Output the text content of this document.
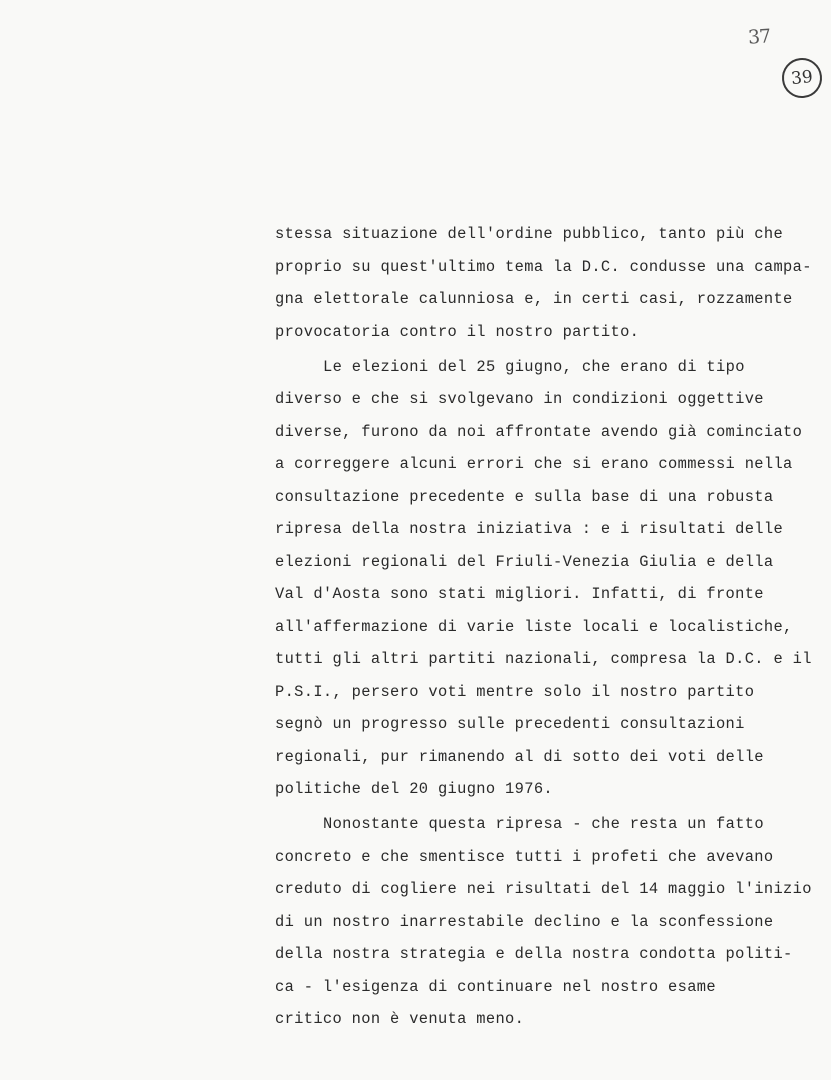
37
39
stessa situazione dell'ordine pubblico, tanto più che
proprio su quest'ultimo tema la D.C. condusse una campa-
gna elettorale calunniosa e, in certi casi, rozzamente
provocatoria contro il nostro partito.
Le elezioni del 25 giugno, che erano di tipo
diverso e che si svolgevano in condizioni oggettive
diverse, furono da noi affrontate avendo già cominciato
a correggere alcuni errori che si erano commessi nella
consultazione precedente e sulla base di una robusta
ripresa della nostra iniziativa : e i risultati delle
elezioni regionali del Friuli-Venezia Giulia e della
Val d'Aosta sono stati migliori. Infatti, di fronte
all'affermazione di varie liste locali e localistiche,
tutti gli altri partiti nazionali, compresa la D.C. e il
P.S.I., persero voti mentre solo il nostro partito
segnò un progresso sulle precedenti consultazioni
regionali, pur rimanendo al di sotto dei voti delle
politiche del 20 giugno 1976.
Nonostante questa ripresa - che resta un fatto
concreto e che smentisce tutti i profeti che avevano
creduto di cogliere nei risultati del 14 maggio l'inizio
di un nostro inarrestabile declino e la sconfessione
della nostra strategia e della nostra condotta politi-
ca - l'esigenza di continuare nel nostro esame
critico non è venuta meno.
